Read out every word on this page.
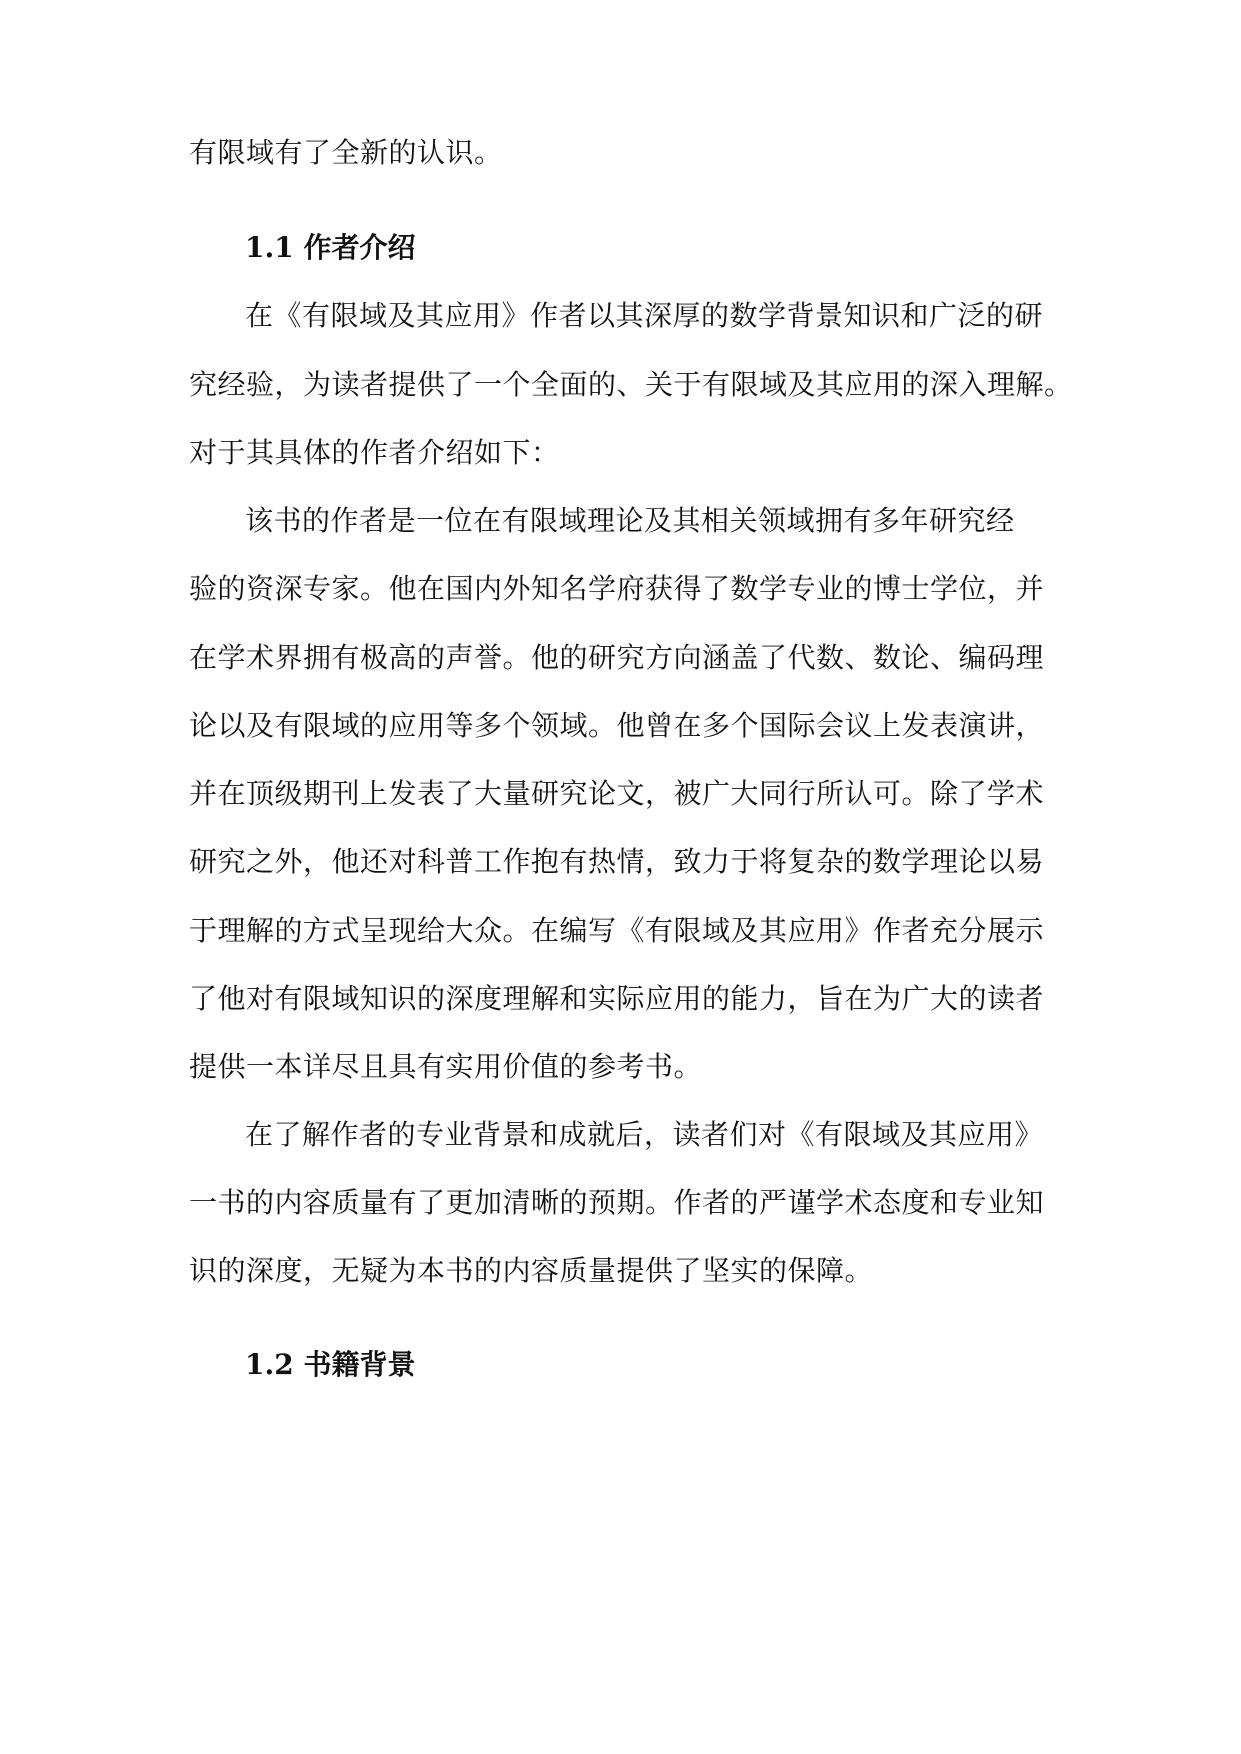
有限域有了全新的认识。
1.1 作者介绍
在《有限域及其应用》作者以其深厚的数学背景知识和广泛的研
究经验，为读者提供了一个全面的、关于有限域及其应用的深入理解。
对于其具体的作者介绍如下：
该书的作者是一位在有限域理论及其相关领域拥有多年研究经
验的资深专家。他在国内外知名学府获得了数学专业的博士学位，并
在学术界拥有极高的声誉。他的研究方向涵盖了代数、数论、编码理
论以及有限域的应用等多个领域。他曾在多个国际会议上发表演讲，
并在顶级期刊上发表了大量研究论文，被广大同行所认可。除了学术
研究之外，他还对科普工作抱有热情，致力于将复杂的数学理论以易
于理解的方式呈现给大众。在编写《有限域及其应用》作者充分展示
了他对有限域知识的深度理解和实际应用的能力，旨在为广大的读者
提供一本详尽且具有实用价值的参考书。
在了解作者的专业背景和成就后，读者们对《有限域及其应用》
一书的内容质量有了更加清晰的预期。作者的严谨学术态度和专业知
识的深度，无疑为本书的内容质量提供了坚实的保障。
1.2 书籍背景
